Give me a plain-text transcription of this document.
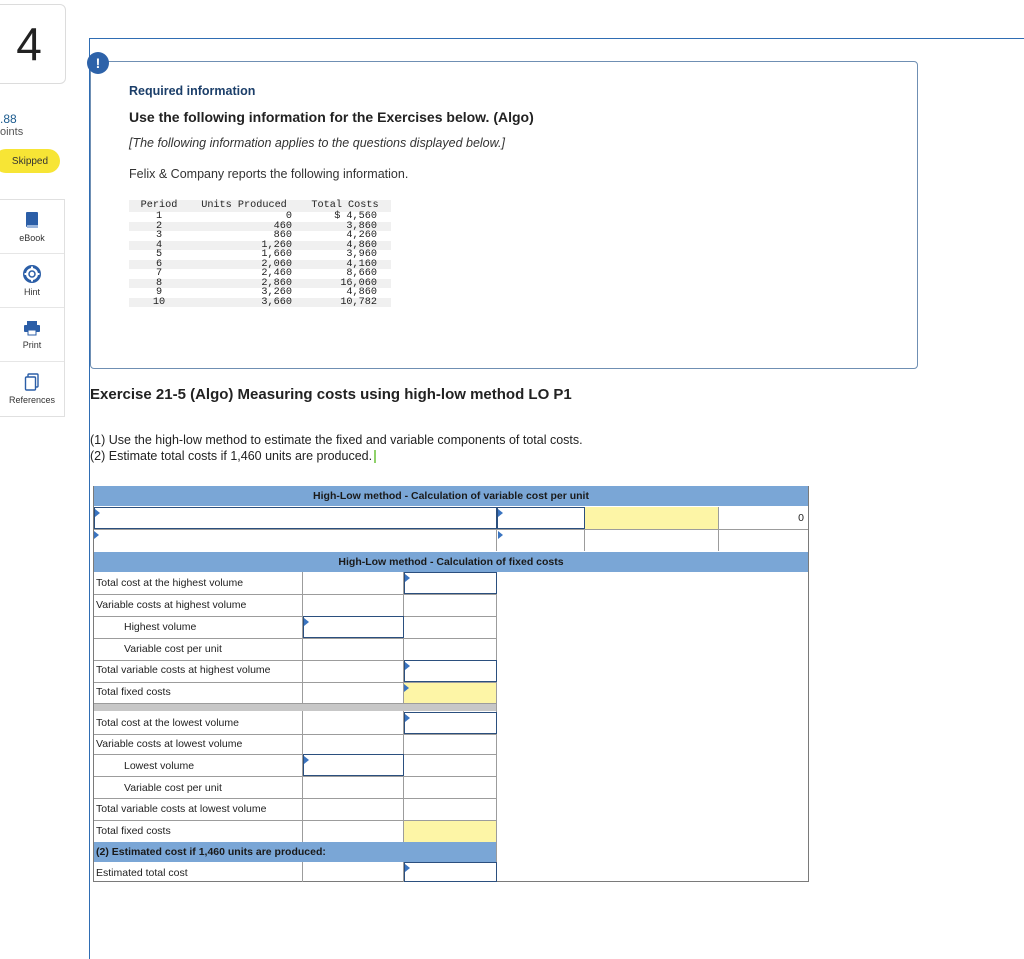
4
.88
oints
Skipped
eBook
Hint
Print
References
!
Required information
Use the following information for the Exercises below. (Algo)
[The following information applies to the questions displayed below.]
Felix & Company reports the following information.
Period	Units Produced	Total Costs
1	0	$ 4,560
2	460	3,860
3	860	4,260
4	1,260	4,860
5	1,660	3,960
6	2,060	4,160
7	2,460	8,660
8	2,860	16,060
9	3,260	4,860
10	3,660	10,782
Exercise 21-5 (Algo) Measuring costs using high-low method LO P1
(1) Use the high-low method to estimate the fixed and variable components of total costs.
(2) Estimate total costs if 1,460 units are produced.
High-Low method - Calculation of variable cost per unit
0
High-Low method - Calculation of fixed costs
Total cost at the highest volume
Variable costs at highest volume
Highest volume
Variable cost per unit
Total variable costs at highest volume
Total fixed costs
Total cost at the lowest volume
Variable costs at lowest volume
Lowest volume
Variable cost per unit
Total variable costs at lowest volume
Total fixed costs
(2) Estimated cost if 1,460 units are produced:
Estimated total cost
